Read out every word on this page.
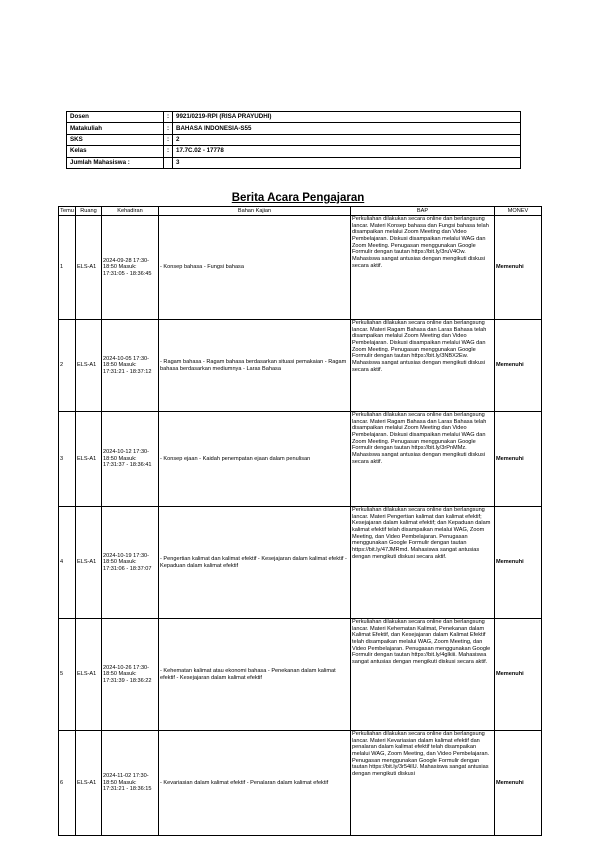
Dosen	:	9921/0219-RPI (RISA PRAYUDHI)
Matakuliah	:	BAHASA INDONESIA-S55
SKS	:	2
Kelas	:	17.7C.02 - 17778
Jumlah Mahasiswa :		3
Berita Acara Pengajaran
Temu	Ruang	Kehadiran	Bahan Kajian	BAP	MONEV
1	ELS-A1	2024-09-28 17:30-18:50 Masuk: 17:31:05 - 18:36:45	- Konsep bahasa - Fungsi bahasa	Perkuliahan dilakukan secara online dan berlangsung lancar. Materi Konsep bahasa dan Fungsi bahasa telah disampaikan melalui Zoom Meeting dan Video Pembelajaran. Diskusi disampaikan melalui WAG dan Zoom Meeting. Penugasan menggunakan Google Formulir dengan tautan https://bit.ly/3ruV4Ow. Mahasiswa sangat antusias dengan mengikuti diskusi secara aktif.	Memenuhi
2	ELS-A1	2024-10-05 17:30-18:50 Masuk: 17:31:21 - 18:37:12	- Ragam bahasa - Ragam bahasa berdasarkan situasi pemakaian - Ragam bahasa berdasarkan mediumnya - Laras Bahasa	Perkuliahan dilakukan secara online dan berlangsung lancar. Materi Ragam Bahasa dan Laras Bahasa telah disampaikan melalui Zoom Meeting dan Video Pembelajaran. Diskusi disampaikan melalui WAG dan Zoom Meeting. Penugasan menggunakan Google Formulir dengan tautan https://bit.ly/3NBX2Ew. Mahasiswa sangat antusias dengan mengikuti diskusi secara aktif.	Memenuhi
3	ELS-A1	2024-10-12 17:30-18:50 Masuk: 17:31:37 - 18:36:41	- Konsep ejaan - Kaidah penempatan ejaan dalam penulisan	Perkuliahan dilakukan secara online dan berlangsung lancar. Materi Ragam Bahasa dan Laras Bahasa telah disampaikan melalui Zoom Meeting dan Video Pembelajaran. Diskusi disampaikan melalui WAG dan Zoom Meeting. Penugasan menggunakan Google Formulir dengan tautan https://bit.ly/3rPnMMz. Mahasiswa sangat antusias dengan mengikuti diskusi secara aktif.	Memenuhi
4	ELS-A1	2024-10-19 17:30-18:50 Masuk: 17:31:06 - 18:37:07	- Pengertian kalimat dan kalimat efektif - Kesejajaran dalam kalimat efektif - Kepaduan dalam kalimat efektif	Perkuliahan dilakukan secara online dan berlangsung lancar. Materi Pengertian kalimat dan kalimat efektif; Kesejajaran dalam kalimat efektif; dan Kepaduan dalam kalimat efektif telah disampaikan melalui WAG, Zoom Meeting, dan Video Pembelajaran. Penugasan menggunakan Google Formulir dengan tautan https://bit.ly/47JMRmd. Mahasiswa sangat antusias dengan mengikuti diskusi secara aktif.	Memenuhi
5	ELS-A1	2024-10-26 17:30-18:50 Masuk: 17:31:39 - 18:36:22	- Kehematan kalimat atau ekonomi bahasa - Penekanan dalam kalimat efektif - Kesejajaran dalam kalimat efektif	Perkuliahan dilakukan secara online dan berlangsung lancar. Materi Kehematan Kalimat, Penekanan dalam Kalimat Efektif, dan Kesejajaran dalam Kalimat Efektif telah disampaikan melalui WAG, Zoom Meeting, dan Video Pembelajaran. Penugasan menggunakan Google Formulir dengan tautan https://bit.ly/4glkiii. Mahasiswa sangat antusias dengan mengikuti diskusi secara aktif.	Memenuhi
6	ELS-A1	2024-11-02 17:30-18:50 Masuk: 17:31:21 - 18:36:15	- Kevariasian dalam kalimat efektif - Penalaran dalam kalimat efektif	Perkuliahan dilakukan secara online dan berlangsung lancar. Materi Kevariasian dalam kalimat efektif dan penalaran dalam kalimat efektif telah disampaikan melalui WAG, Zoom Meeting, dan Video Pembelajaran. Penugasan menggunakan Google Formulir dengan tautan https://bit.ly/3r54ilU. Mahasiswa sangat antusias dengan mengikuti diskusi	Memenuhi
